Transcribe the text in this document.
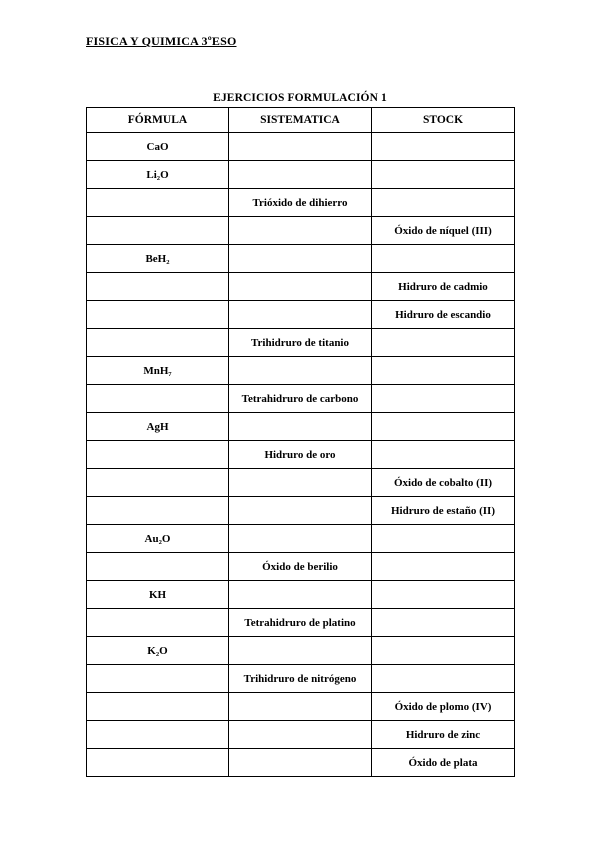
FISICA Y QUIMICA 3ºESO
EJERCICIOS FORMULACIÓN 1
FÓRMULA	SISTEMATICA	STOCK
CaO		
Li₂O		
	Trióxido de dihierro	
		Óxido de níquel (III)
BeH₂		
		Hidruro de cadmio
		Hidruro de escandio
	Trihidruro de titanio	
MnH₇		
	Tetrahidruro de carbono	
AgH		
	Hidruro de oro	
		Óxido de cobalto (II)
		Hidruro de estaño (II)
Au₂O		
	Óxido de berilio	
KH		
	Tetrahidruro de platino	
K₂O		
	Trihidruro de nitrógeno	
		Óxido de plomo (IV)
		Hidruro de zinc
		Óxido de plata
